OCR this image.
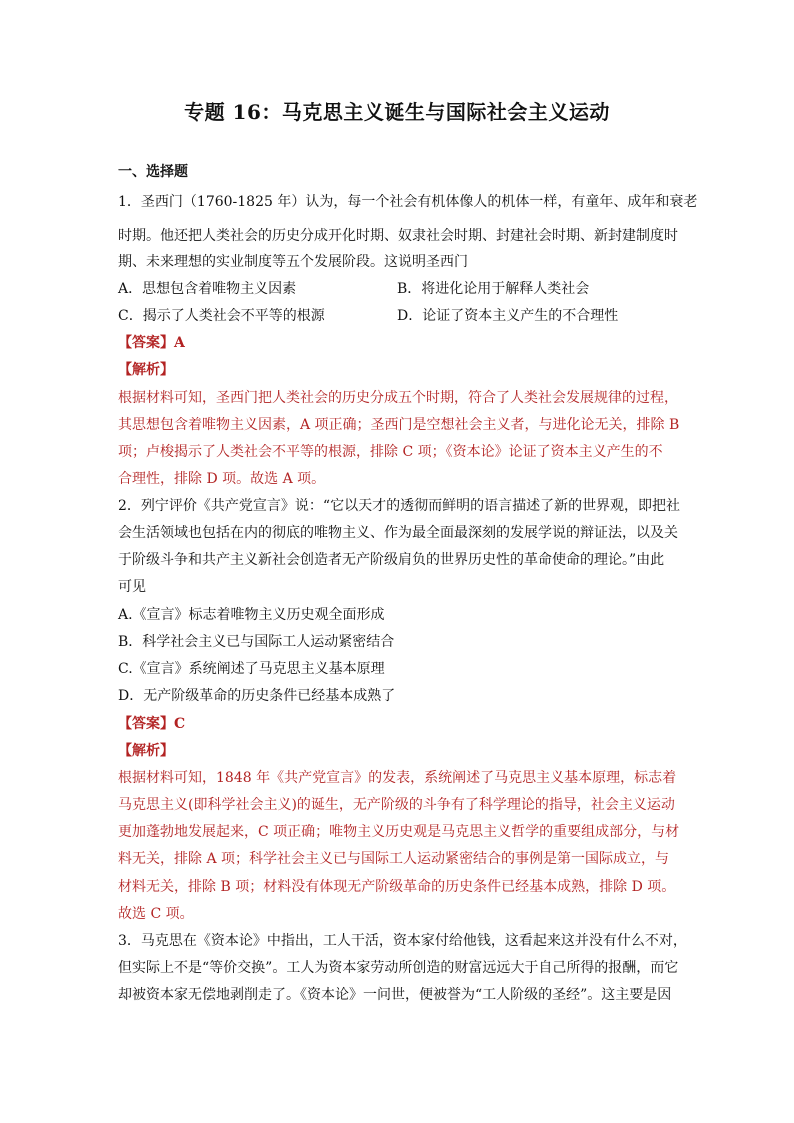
专题 16：马克思主义诞生与国际社会主义运动
一、选择题
1．圣西门（1760-1825 年）认为，每一个社会有机体像人的机体一样，有童年、成年和衰老
时期。他还把人类社会的历史分成开化时期、奴隶社会时期、封建社会时期、新封建制度时
期、未来理想的实业制度等五个发展阶段。这说明圣西门
A．思想包含着唯物主义因素	B．将进化论用于解释人类社会
C．揭示了人类社会不平等的根源	D．论证了资本主义产生的不合理性
【答案】A
【解析】
根据材料可知，圣西门把人类社会的历史分成五个时期，符合了人类社会发展规律的过程，
其思想包含着唯物主义因素，A 项正确；圣西门是空想社会主义者，与进化论无关，排除 B
项；卢梭揭示了人类社会不平等的根源，排除 C 项；《资本论》论证了资本主义产生的不
合理性，排除 D 项。故选 A 项。
2．列宁评价《共产党宣言》说：“它以天才的透彻而鲜明的语言描述了新的世界观，即把社
会生活领域也包括在内的彻底的唯物主义、作为最全面最深刻的发展学说的辩证法，以及关
于阶级斗争和共产主义新社会创造者无产阶级肩负的世界历史性的革命使命的理论。”由此
可见
A.《宣言》标志着唯物主义历史观全面形成
B．科学社会主义已与国际工人运动紧密结合
C.《宣言》系统阐述了马克思主义基本原理
D．无产阶级革命的历史条件已经基本成熟了
【答案】C
【解析】
根据材料可知，1848 年《共产党宣言》的发表，系统阐述了马克思主义基本原理，标志着
马克思主义(即科学社会主义)的诞生，无产阶级的斗争有了科学理论的指导，社会主义运动
更加蓬勃地发展起来，C 项正确；唯物主义历史观是马克思主义哲学的重要组成部分，与材
料无关，排除 A 项；科学社会主义已与国际工人运动紧密结合的事例是第一国际成立，与
材料无关，排除 B 项；材料没有体现无产阶级革命的历史条件已经基本成熟，排除 D 项。
故选 C 项。
3．马克思在《资本论》中指出，工人干活，资本家付给他钱，这看起来这并没有什么不对，
但实际上不是“等价交换”。工人为资本家劳动所创造的财富远远大于自己所得的报酬，而它
却被资本家无偿地剥削走了。《资本论》一问世，便被誉为“工人阶级的圣经”。这主要是因
